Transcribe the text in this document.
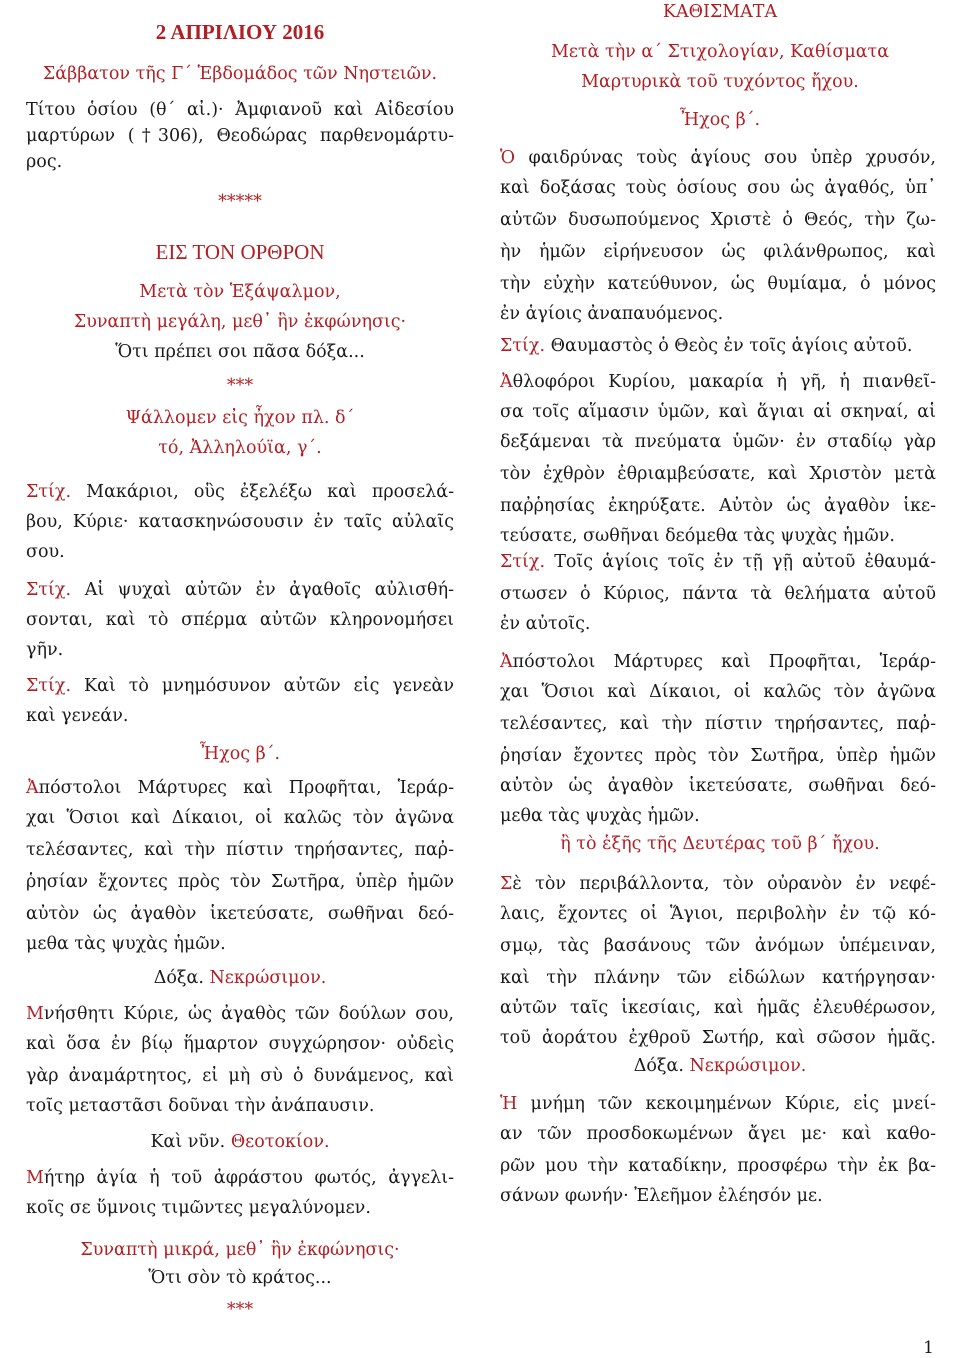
2 ΑΠΡΙΛΙΟΥ 2016
Σάββατον τῆς Γ΄ Ἑβδομάδος τῶν Νηστειῶν.
Τίτου ὁσίου (θ΄ αἰ.)· Ἀμφιανοῦ καὶ Αἰδεσίου
μαρτύρων (†306), Θεοδώρας παρθενομάρτυ-
ρος.
*****
ΕΙΣ ΤΟΝ ΟΡΘΡΟΝ
Μετὰ τὸν Ἑξάψαλμον,
Συναπτὴ μεγάλη, μεθ᾽ ἣν ἐκφώνησις·
Ὅτι πρέπει σοι πᾶσα δόξα...
***
Ψάλλομεν εἰς ἦχον πλ. δ΄
τό, Ἀλληλούϊα, γ΄.
Στίχ. Μακάριοι, οὓς ἐξελέξω καὶ προσελά-
βου, Κύριε· κατασκηνώσουσιν ἐν ταῖς αὐλαῖς
σου.
Στίχ. Αἱ ψυχαὶ αὐτῶν ἐν ἀγαθοῖς αὐλισθή-
σονται, καὶ τὸ σπέρμα αὐτῶν κληρονομήσει
γῆν.
Στίχ. Καὶ τὸ μνημόσυνον αὐτῶν εἰς γενεὰν
καὶ γενεάν.
Ἦχος β΄.
Ἀπόστολοι Μάρτυρες καὶ Προφῆται, Ἱεράρ-
χαι Ὅσιοι καὶ Δίκαιοι, οἱ καλῶς τὸν ἀγῶνα
τελέσαντες, καὶ τὴν πίστιν τηρήσαντες, παῤ-
ῥησίαν ἔχοντες πρὸς τὸν Σωτῆρα, ὑπὲρ ἡμῶν
αὐτὸν ὡς ἀγαθὸν ἱκετεύσατε, σωθῆναι δεό-
μεθα τὰς ψυχὰς ἡμῶν.
Δόξα. Νεκρώσιμον.
Μνήσθητι Κύριε, ὡς ἀγαθὸς τῶν δούλων σου,
καὶ ὅσα ἐν βίῳ ἥμαρτον συγχώρησον· οὐδεὶς
γὰρ ἀναμάρτητος, εἰ μὴ σὺ ὁ δυνάμενος, καὶ
τοῖς μεταστᾶσι δοῦναι τὴν ἀνάπαυσιν.
Καὶ νῦν. Θεοτοκίον.
Μήτηρ ἁγία ἡ τοῦ ἀφράστου φωτός, ἀγγελι-
κοῖς σε ὕμνοις τιμῶντες μεγαλύνομεν.
Συναπτὴ μικρά, μεθ᾽ ἣν ἐκφώνησις·
Ὅτι σὸν τὸ κράτος...
***
ΚΑΘΙΣΜΑΤΑ
Μετὰ τὴν α΄ Στιχολογίαν, Καθίσματα
Μαρτυρικὰ τοῦ τυχόντος ἤχου.
Ἦχος β΄.
Ὁ φαιδρύνας τοὺς ἁγίους σου ὑπὲρ χρυσόν,
καὶ δοξάσας τοὺς ὁσίους σου ὡς ἀγαθός, ὑπ᾽
αὐτῶν δυσωπούμενος Χριστὲ ὁ Θεός, τὴν ζω-
ὴν ἡμῶν εἰρήνευσον ὡς φιλάνθρωπος, καὶ
τὴν εὐχὴν κατεύθυνον, ὡς θυμίαμα, ὁ μόνος
ἐν ἁγίοις ἀναπαυόμενος.
Στίχ. Θαυμαστὸς ὁ Θεὸς ἐν τοῖς ἁγίοις αὐτοῦ.
Ἀθλοφόροι Κυρίου, μακαρία ἡ γῆ, ἡ πιανθεῖ-
σα τοῖς αἵμασιν ὑμῶν, καὶ ἅγιαι αἱ σκηναί, αἱ
δεξάμεναι τὰ πνεύματα ὑμῶν· ἐν σταδίῳ γὰρ
τὸν ἐχθρὸν ἐθριαμβεύσατε, καὶ Χριστὸν μετὰ
παῤῥησίας ἐκηρύξατε. Αὐτὸν ὡς ἀγαθὸν ἱκε-
τεύσατε, σωθῆναι δεόμεθα τὰς ψυχὰς ἡμῶν.
Στίχ. Τοῖς ἁγίοις τοῖς ἐν τῇ γῇ αὐτοῦ ἐθαυμά-
στωσεν ὁ Κύριος, πάντα τὰ θελήματα αὐτοῦ
ἐν αὐτοῖς.
Ἀπόστολοι Μάρτυρες καὶ Προφῆται, Ἱεράρ-
χαι Ὅσιοι καὶ Δίκαιοι, οἱ καλῶς τὸν ἀγῶνα
τελέσαντες, καὶ τὴν πίστιν τηρήσαντες, παῤ-
ῥησίαν ἔχοντες πρὸς τὸν Σωτῆρα, ὑπὲρ ἡμῶν
αὐτὸν ὡς ἀγαθὸν ἱκετεύσατε, σωθῆναι δεό-
μεθα τὰς ψυχὰς ἡμῶν.
ἢ τὸ ἑξῆς τῆς Δευτέρας τοῦ β΄ ἤχου.
Σὲ τὸν περιβάλλοντα, τὸν οὐρανὸν ἐν νεφέ-
λαις, ἔχοντες οἱ Ἅγιοι, περιβολὴν ἐν τῷ κό-
σμῳ, τὰς βασάνους τῶν ἀνόμων ὑπέμειναν,
καὶ τὴν πλάνην τῶν εἰδώλων κατήργησαν·
αὐτῶν ταῖς ἱκεσίαις, καὶ ἡμᾶς ἐλευθέρωσον,
τοῦ ἀοράτου ἐχθροῦ Σωτήρ, καὶ σῶσον ἡμᾶς.
Δόξα. Νεκρώσιμον.
Ἡ μνήμη τῶν κεκοιμημένων Κύριε, εἰς μνεί-
αν τῶν προσδοκωμένων ἄγει με· καὶ καθο-
ρῶν μου τὴν καταδίκην, προσφέρω τὴν ἐκ βα-
σάνων φωνήν· Ἐλεῆμον ἐλέησόν με.
1
